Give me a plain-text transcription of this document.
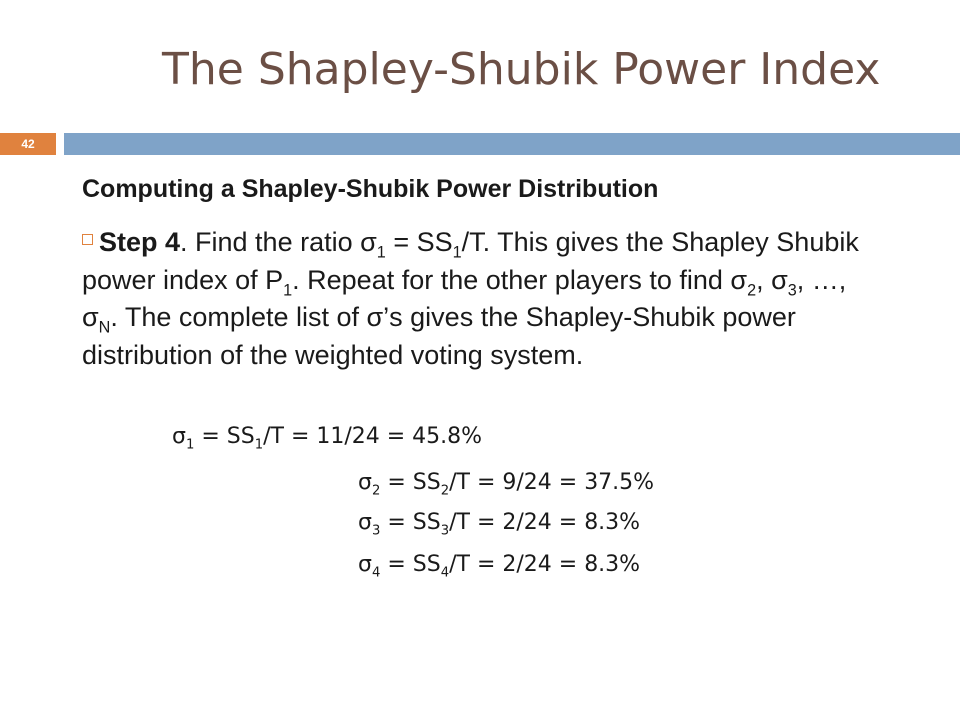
The Shapley-Shubik Power Index
42
Computing a Shapley-Shubik Power Distribution
Step 4. Find the ratio $\sigma_1 = SS_1/T$. This gives the Shapley Shubik power index of $P_1$. Repeat for the other players to find $\sigma_2$, $\sigma_3$, …, $\sigma_N$. The complete list of σ’s gives the Shapley-Shubik power distribution of the weighted voting system.
$\sigma_1 = SS_1/T = 11/24 = 45.8\%$
$\sigma_2 = SS_2/T = 9/24 = 37.5\%$
$\sigma_3 = SS_3/T = 2/24 = 8.3\%$
$\sigma_4 = SS_4/T = 2/24 = 8.3\%$
